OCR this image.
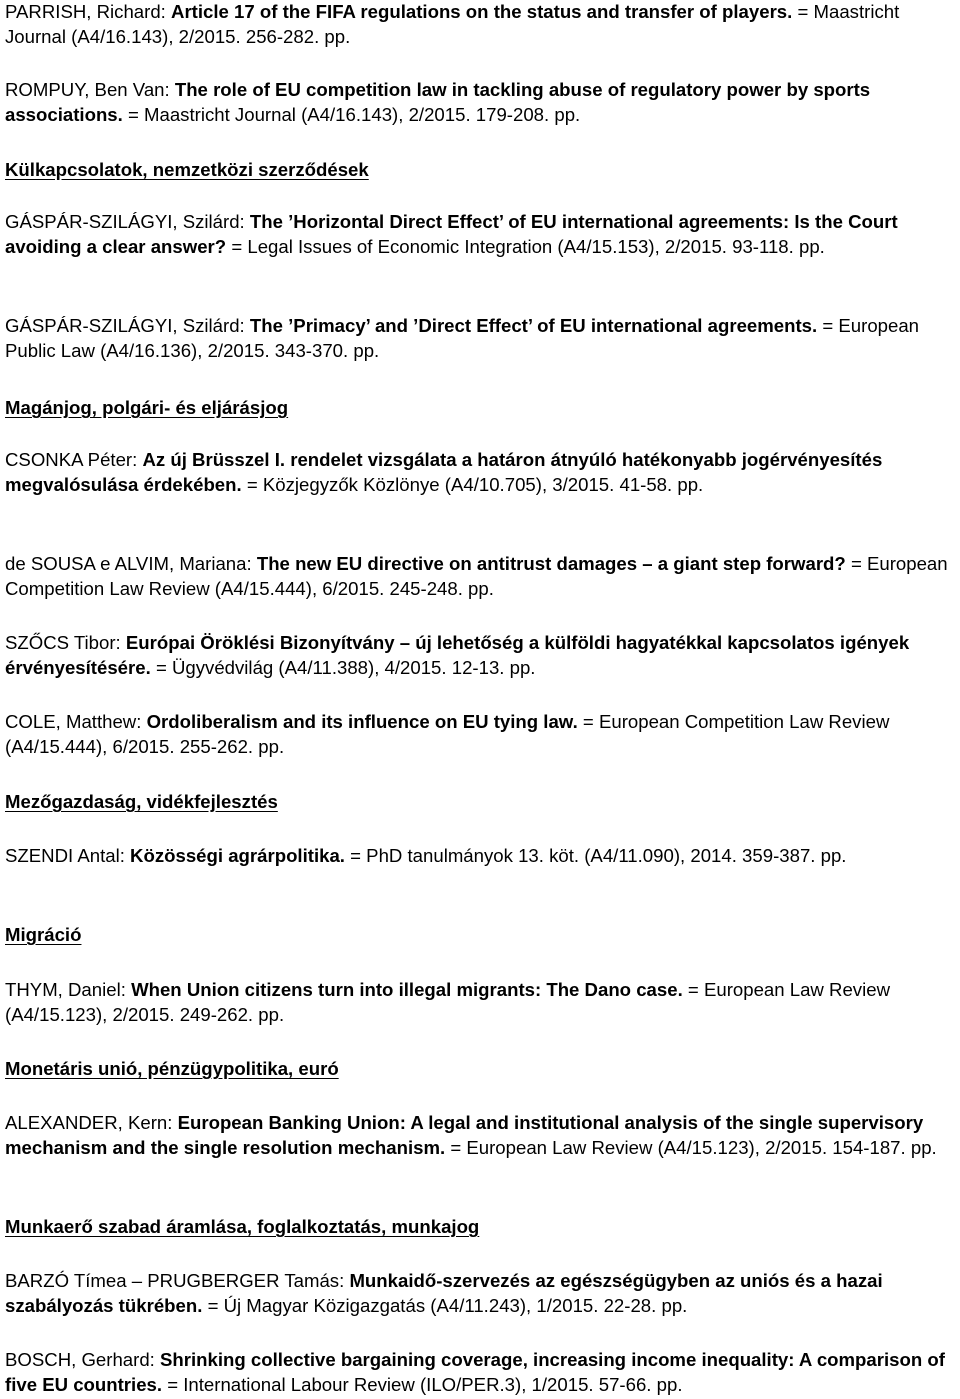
PARRISH, Richard: Article 17 of the FIFA regulations on the status and transfer of players. = Maastricht Journal (A4/16.143), 2/2015. 256-282. pp.

ROMPUY, Ben Van: The role of EU competition law in tackling abuse of regulatory power by sports associations. = Maastricht Journal (A4/16.143), 2/2015. 179-208. pp.

Külkapcsolatok, nemzetközi szerződések

GÁSPÁR-SZILÁGYI, Szilárd: The ’Horizontal Direct Effect’ of EU international agreements: Is the Court avoiding a clear answer? = Legal Issues of Economic Integration (A4/15.153), 2/2015. 93-118. pp.

GÁSPÁR-SZILÁGYI, Szilárd: The ’Primacy’ and ’Direct Effect’ of EU international agreements. = European Public Law (A4/16.136), 2/2015. 343-370. pp.

Magánjog, polgári- és eljárásjog

CSONKA Péter: Az új Brüsszel I. rendelet vizsgálata a határon átnyúló hatékonyabb jogérvényesítés megvalósulása érdekében. = Közjegyzők Közlönye (A4/10.705), 3/2015. 41-58. pp.

de SOUSA e ALVIM, Mariana: The new EU directive on antitrust damages – a giant step forward? = European Competition Law Review (A4/15.444), 6/2015. 245-248. pp.

SZŐCS Tibor: Európai Öröklési Bizonyítvány – új lehetőség a külföldi hagyatékkal kapcsolatos igények érvényesítésére. = Ügyvédvilág (A4/11.388), 4/2015. 12-13. pp.

COLE, Matthew: Ordoliberalism and its influence on EU tying law. = European Competition Law Review (A4/15.444), 6/2015. 255-262. pp.

Mezőgazdaság, vidékfejlesztés

SZENDI Antal: Közösségi agrárpolitika. = PhD tanulmányok 13. köt. (A4/11.090), 2014. 359-387. pp.

Migráció

THYM, Daniel: When Union citizens turn into illegal migrants: The Dano case. = European Law Review (A4/15.123), 2/2015. 249-262. pp.

Monetáris unió, pénzügypolitika, euró

ALEXANDER, Kern: European Banking Union: A legal and institutional analysis of the single supervisory mechanism and the single resolution mechanism. = European Law Review (A4/15.123), 2/2015. 154-187. pp.

Munkaerő szabad áramlása, foglalkoztatás, munkajog

BARZÓ Tímea – PRUGBERGER Tamás: Munkaidő-szervezés az egészségügyben az uniós és a hazai szabályozás tükrében. = Új Magyar Közigazgatás (A4/11.243), 1/2015. 22-28. pp.

BOSCH, Gerhard: Shrinking collective bargaining coverage, increasing income inequality: A comparison of five EU countries. = International Labour Review (ILO/PER.3), 1/2015. 57-66. pp.
